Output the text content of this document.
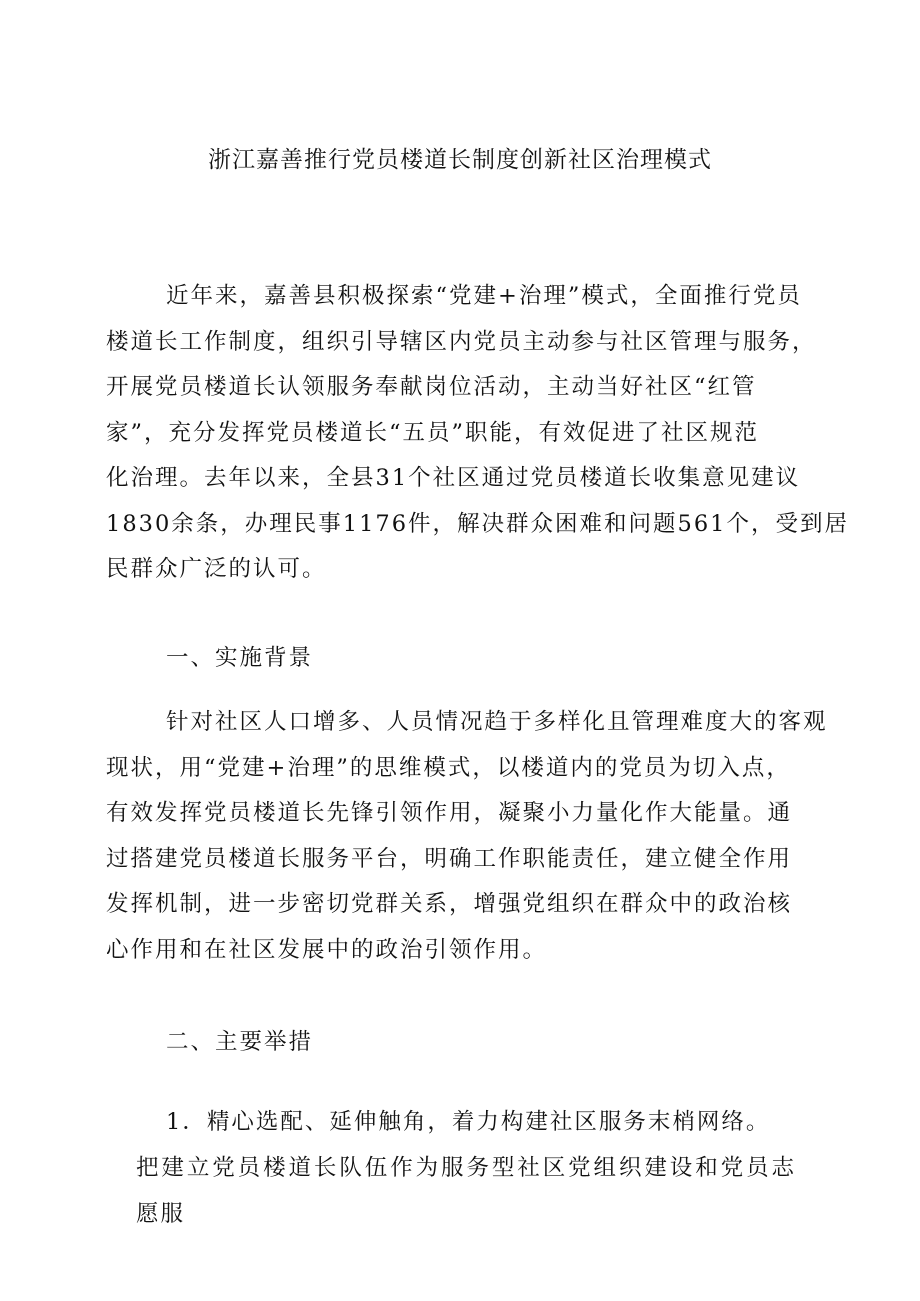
浙江嘉善推行党员楼道长制度创新社区治理模式
近年来，嘉善县积极探索“党建+治理”模式，全面推行党员
楼道长工作制度，组织引导辖区内党员主动参与社区管理与服务，
开展党员楼道长认领服务奉献岗位活动，主动当好社区“红管
家”，充分发挥党员楼道长“五员”职能，有效促进了社区规范
化治理。去年以来，全县31个社区通过党员楼道长收集意见建议
1830余条，办理民事1176件，解决群众困难和问题561个，受到居
民群众广泛的认可。
一、实施背景
针对社区人口增多、人员情况趋于多样化且管理难度大的客观
现状，用“党建+治理”的思维模式，以楼道内的党员为切入点，
有效发挥党员楼道长先锋引领作用，凝聚小力量化作大能量。通
过搭建党员楼道长服务平台，明确工作职能责任，建立健全作用
发挥机制，进一步密切党群关系，增强党组织在群众中的政治核
心作用和在社区发展中的政治引领作用。
二、主要举措
1．精心选配、延伸触角，着力构建社区服务末梢网络。
把建立党员楼道长队伍作为服务型社区党组织建设和党员志愿服
